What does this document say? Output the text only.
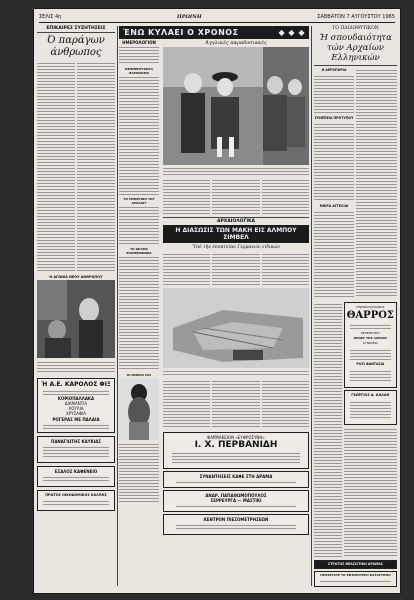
ΣΕΛΙΣ 4η	ΠΡΩΙΝΗ	ΣΑΒΒΑΤΟΝ 7 ΑΥΓΟΥΣΤΟΥ 1965
ΕΠΙΚΑΙΡΕΣ ΣΥΖΗΤΗΣΕΙΣ
Ό παράγων άνθρωπος
Η ΑΓΩΝΙΑ ΝΕΟΥ ΑΝΘΡΩΠΟΥ
Ή Α.Ε. ΚΑΡΟΛΟΣ ΦΙΞ
ΚΟΡΙΟΠΑΛΛΑΚΑ
ΔΙΑΜΑΝΤΙΑ
ΧΟΥΛΙΑ
ΧΡΥΣΑΦΙΑ
ΡΟΓΕΡΑΣ ΜΕ ΠΑΛΑΙΑ
ΠΑΝΑΓΙΩΤΗΣ ΚΑΥΚΙΑΣ
ΕΣΑΛΟΣ ΚΑΦΕΝΕΙΟ
ΠΡΩΤΟΣ ΟΙΚΟΔΟΜΙΚΟΣ ΚΑΛΠΗΣ
ΈΝΩ ΚΥΛΑΕΙ Ο ΧΡΟΝΟΣ	◆ ◆ ◆
ΗΜΕΡΟΛΟΓΙΟΝ
ΕΦΗΜΕΡΕΥΟΝΤΑ ΦΑΡΜΑΚΕΙΑ
ΤΟ ΣΗΜΕΡΙΝΟ ΤΟΥ ΑΡΧΑΙΟΥ
ΤΟ ΔΡΑΜΑ ΕΠΑΜΕΙΝΩΝΔΑ
ΟΙ ΜΙΚΡΟΙ ΣΑΣ
Άγγλικές παραδοσιακές
ΑΡΧΑΙΟΛΟΓΙΚΑ
Η ΔΙΑΣΩΣΙΣ ΤΩΝ ΜΑΚΗ ΕΙΣ ΑΛΜΠΟΥ ΣΙΜΒΕΛ
Ύπό τήν έποπτείαν Γερμανών είδικών
ΦΑΡΜΑΚΕΙΟΝ «ΕΥΦΡΟΣΥΝΗ»
Ι. Χ. ΠΕΡΒΑΝΙΔΗ
ΣΥΝΑΝΤΗΣΕΙΣ ΚΑΦΕ ΣΤΗ ΔΡΑΜΑ
ΑΝΔΡ. ΠΑΠΑΘΩΜΟΠΟΥΛΟΣ
ΣΕΡΡΕΥΡΓΑ — ΜΑΣΤΙΚΙ
ΚΕΝΤΡΟΝ ΠΙΕΣΟΜΕΤΡΗΣΕΩΝ
ΤΟ ΠΑΙΔΟΘΥΤΙΚΟΝ
Ή σπουδαιότητα τών Αρχαίων Ελληνικών
Η ΑΕΡΟΠΟΡΙΑ
ΣΥΝΕΠΕΙΑ ΠΡΟΤΥΠΟΥ
ΜΙΚΡΑ ΑΓΓΕΛΙΑΙ
ΚΙΝΗΜΑΤΟΓΡΑΦΟΣ
ΘΑΡΡΟΣ
ΡΕΠΕΡΤΟΡΙΟ
ΗΡΩΕΣ ΤΗΣ ΑΡΕΝΑΣ
ΣΥΝΕΧΕΙΑ
ΡΟΣΙ ΦΑΝΤΑΣΙΑ
ΓΕΩΡΓΙΟΣ Δ. ΚΑΛΑΘ
ΣΤΡΑΤΟΣ ΘΕΑΣΙΣΤΙΚΗ ΔΡΑΜΑΣ
ΠΡΟΣΕΞΑΤΕ ΤΟ ΕΝΤΙΜΟΤΕΡΟ ΚΑΤΑΣΤΗΜΑ
